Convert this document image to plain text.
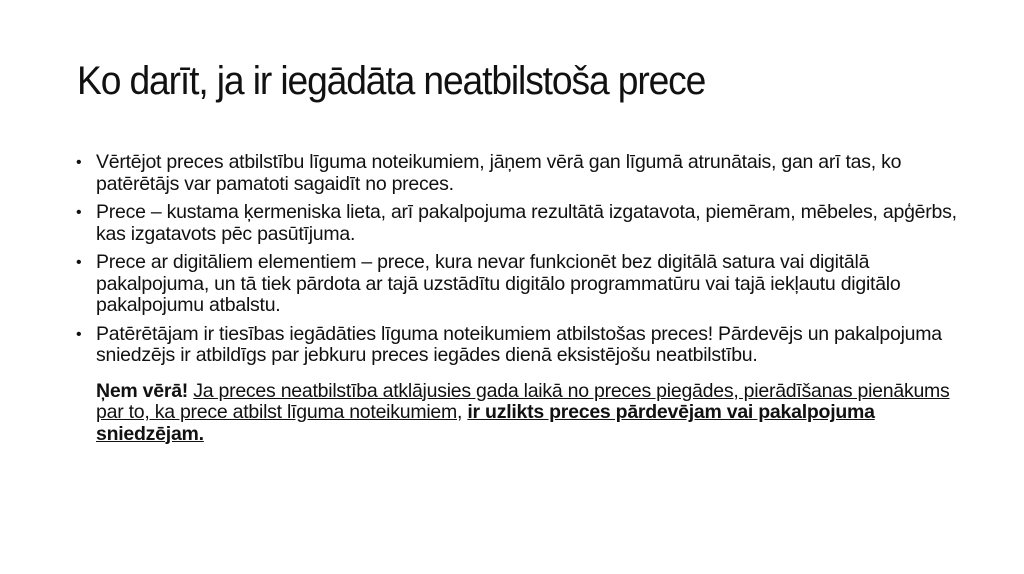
Ko darīt, ja ir iegādāta neatbilstoša prece
• Vērtējot preces atbilstību līguma noteikumiem, jāņem vērā gan līgumā atrunātais, gan arī tas, ko patērētājs var pamatoti sagaidīt no preces.
• Prece – kustama ķermeniska lieta, arī pakalpojuma rezultātā izgatavota, piemēram, mēbeles, apģērbs, kas izgatavots pēc pasūtījuma.
• Prece ar digitāliem elementiem – prece, kura nevar funkcionēt bez digitālā satura vai digitālā pakalpojuma, un tā tiek pārdota ar tajā uzstādītu digitālo programmatūru vai tajā iekļautu digitālo pakalpojumu atbalstu.
• Patērētājam ir tiesības iegādāties līguma noteikumiem atbilstošas preces! Pārdevējs un pakalpojuma sniedzējs ir atbildīgs par jebkuru preces iegādes dienā eksistējošu neatbilstību.
Ņem vērā! Ja preces neatbilstība atklājusies gada laikā no preces piegādes, pierādīšanas pienākums par to, ka prece atbilst līguma noteikumiem, ir uzlikts preces pārdevējam vai pakalpojuma sniedzējam.
